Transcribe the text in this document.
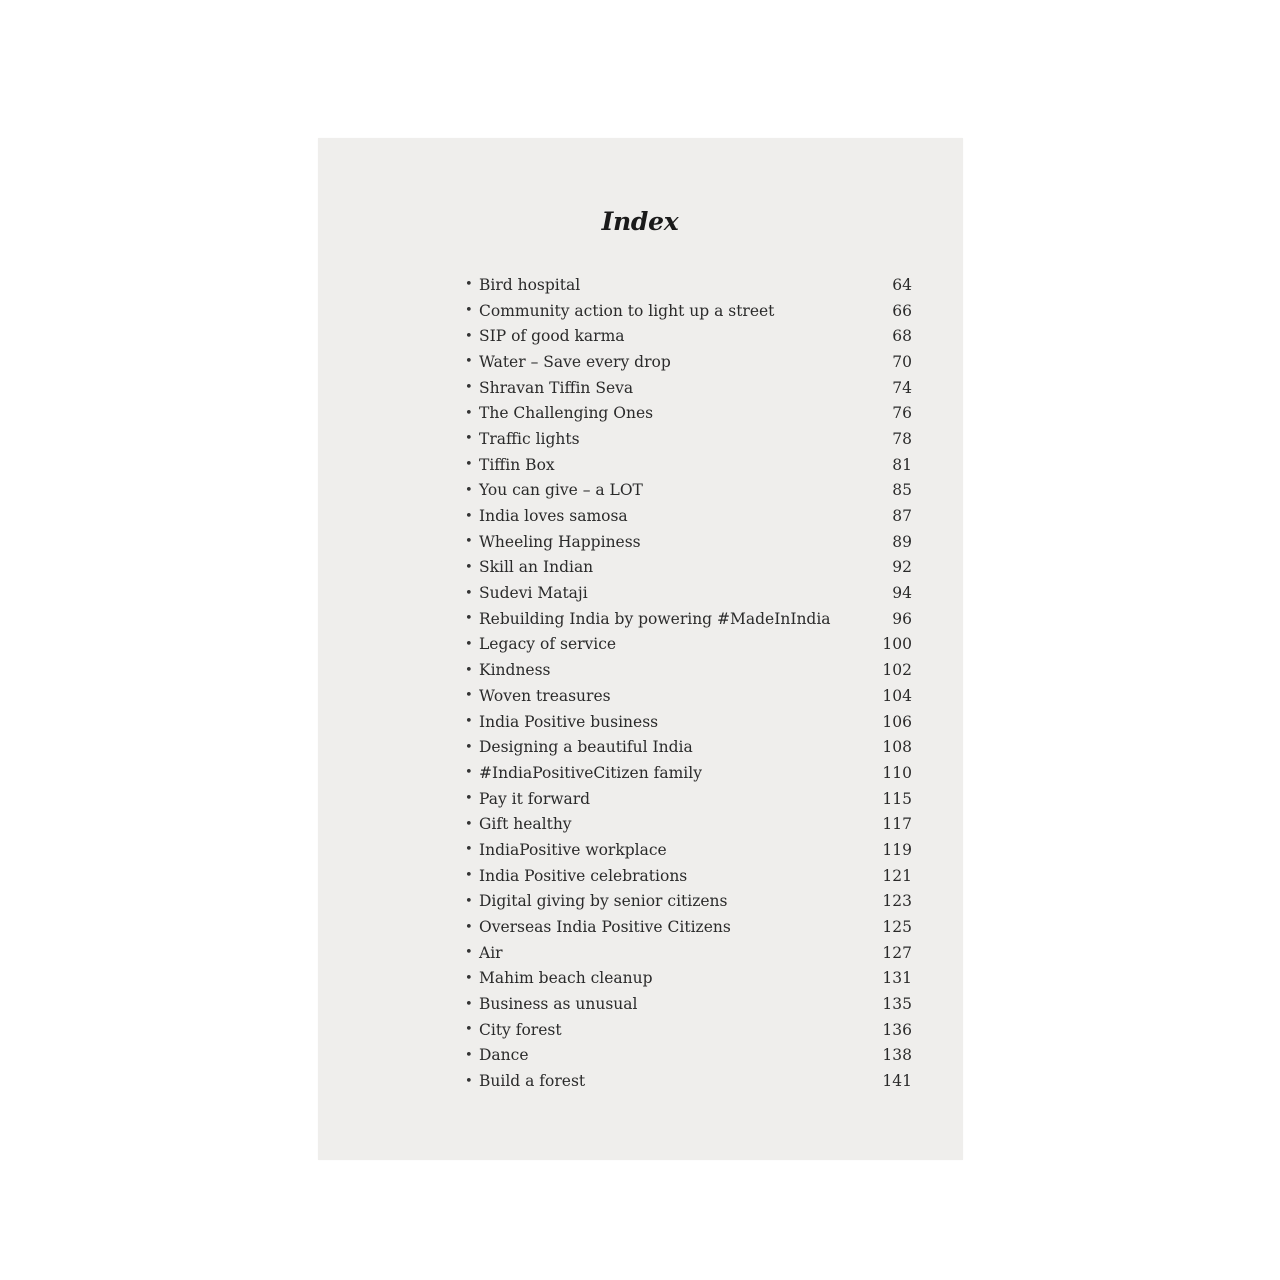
Index
• Bird hospital	64
• Community action to light up a street	66
• SIP of good karma	68
• Water – Save every drop	70
• Shravan Tiffin Seva	74
• The Challenging Ones	76
• Traffic lights	78
• Tiffin Box	81
• You can give – a LOT	85
• India loves samosa	87
• Wheeling Happiness	89
• Skill an Indian	92
• Sudevi Mataji	94
• Rebuilding India by powering #MadeInIndia	96
• Legacy of service	100
• Kindness	102
• Woven treasures	104
• India Positive business	106
• Designing a beautiful India	108
• #IndiaPositiveCitizen family	110
• Pay it forward	115
• Gift healthy	117
• IndiaPositive workplace	119
• India Positive celebrations	121
• Digital giving by senior citizens	123
• Overseas India Positive Citizens	125
• Air	127
• Mahim beach cleanup	131
• Business as unusual	135
• City forest	136
• Dance	138
• Build a forest	141
